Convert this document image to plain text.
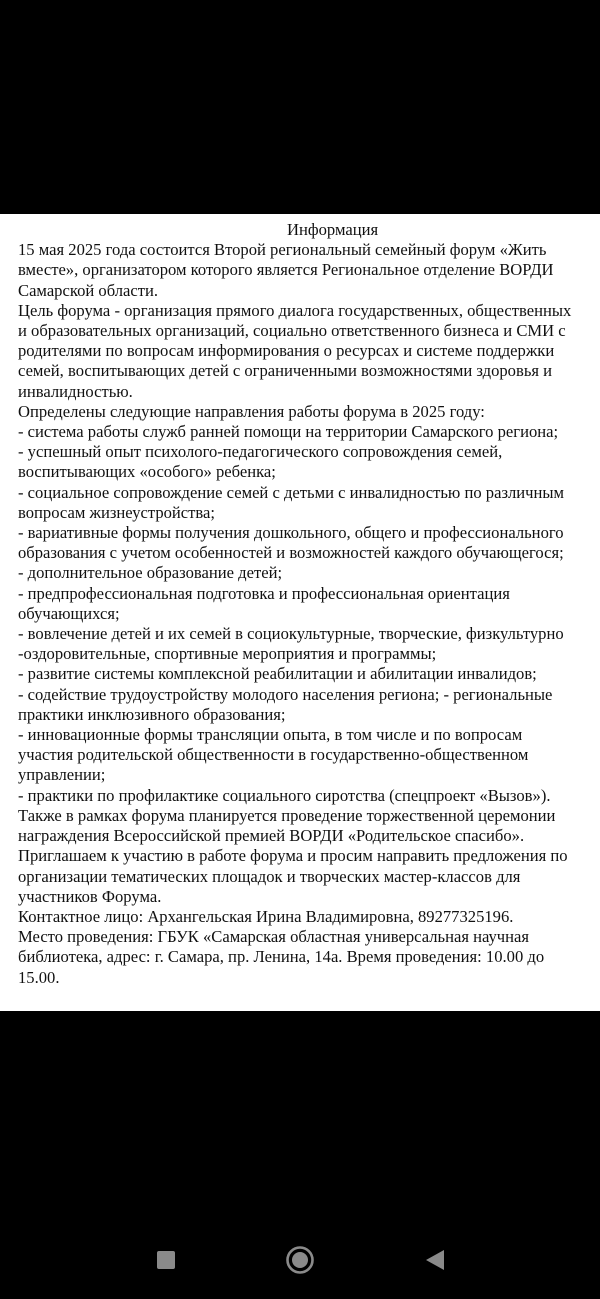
Информация
15 мая 2025 года состоится Второй региональный семейный форум «Жить
вместе», организатором которого является Региональное отделение ВОРДИ
Самарской области.
Цель форума - организация прямого диалога государственных, общественных
и образовательных организаций, социально ответственного бизнеса и СМИ с
родителями по вопросам информирования о ресурсах и системе поддержки
семей, воспитывающих детей с ограниченными возможностями здоровья и
инвалидностью.
Определены следующие направления работы форума в 2025 году:
- система работы служб ранней помощи на территории Самарского региона;
- успешный опыт психолого-педагогического сопровождения семей,
воспитывающих «особого» ребенка;
- социальное сопровождение семей с детьми с инвалидностью по различным
вопросам жизнеустройства;
- вариативные формы получения дошкольного, общего и профессионального
образования с учетом особенностей и возможностей каждого обучающегося;
- дополнительное образование детей;
- предпрофессиональная подготовка и профессиональная ориентация
обучающихся;
- вовлечение детей и их семей в социокультурные, творческие, физкультурно
-оздоровительные, спортивные мероприятия и программы;
- развитие системы комплексной реабилитации и абилитации инвалидов;
- содействие трудоустройству молодого населения региона; - региональные
практики инклюзивного образования;
- инновационные формы трансляции опыта, в том числе и по вопросам
участия родительской общественности в государственно-общественном
управлении;
- практики по профилактике социального сиротства (спецпроект «Вызов»).
Также в рамках форума планируется проведение торжественной церемонии
награждения Всероссийской премией ВОРДИ «Родительское спасибо».
Приглашаем к участию в работе форума и просим направить предложения по
организации тематических площадок и творческих мастер-классов для
участников Форума.
Контактное лицо: Архангельская Ирина Владимировна, 89277325196.
Место проведения: ГБУК «Самарская областная универсальная научная
библиотека, адрес: г. Самара, пр. Ленина, 14а. Время проведения: 10.00 до
15.00.
